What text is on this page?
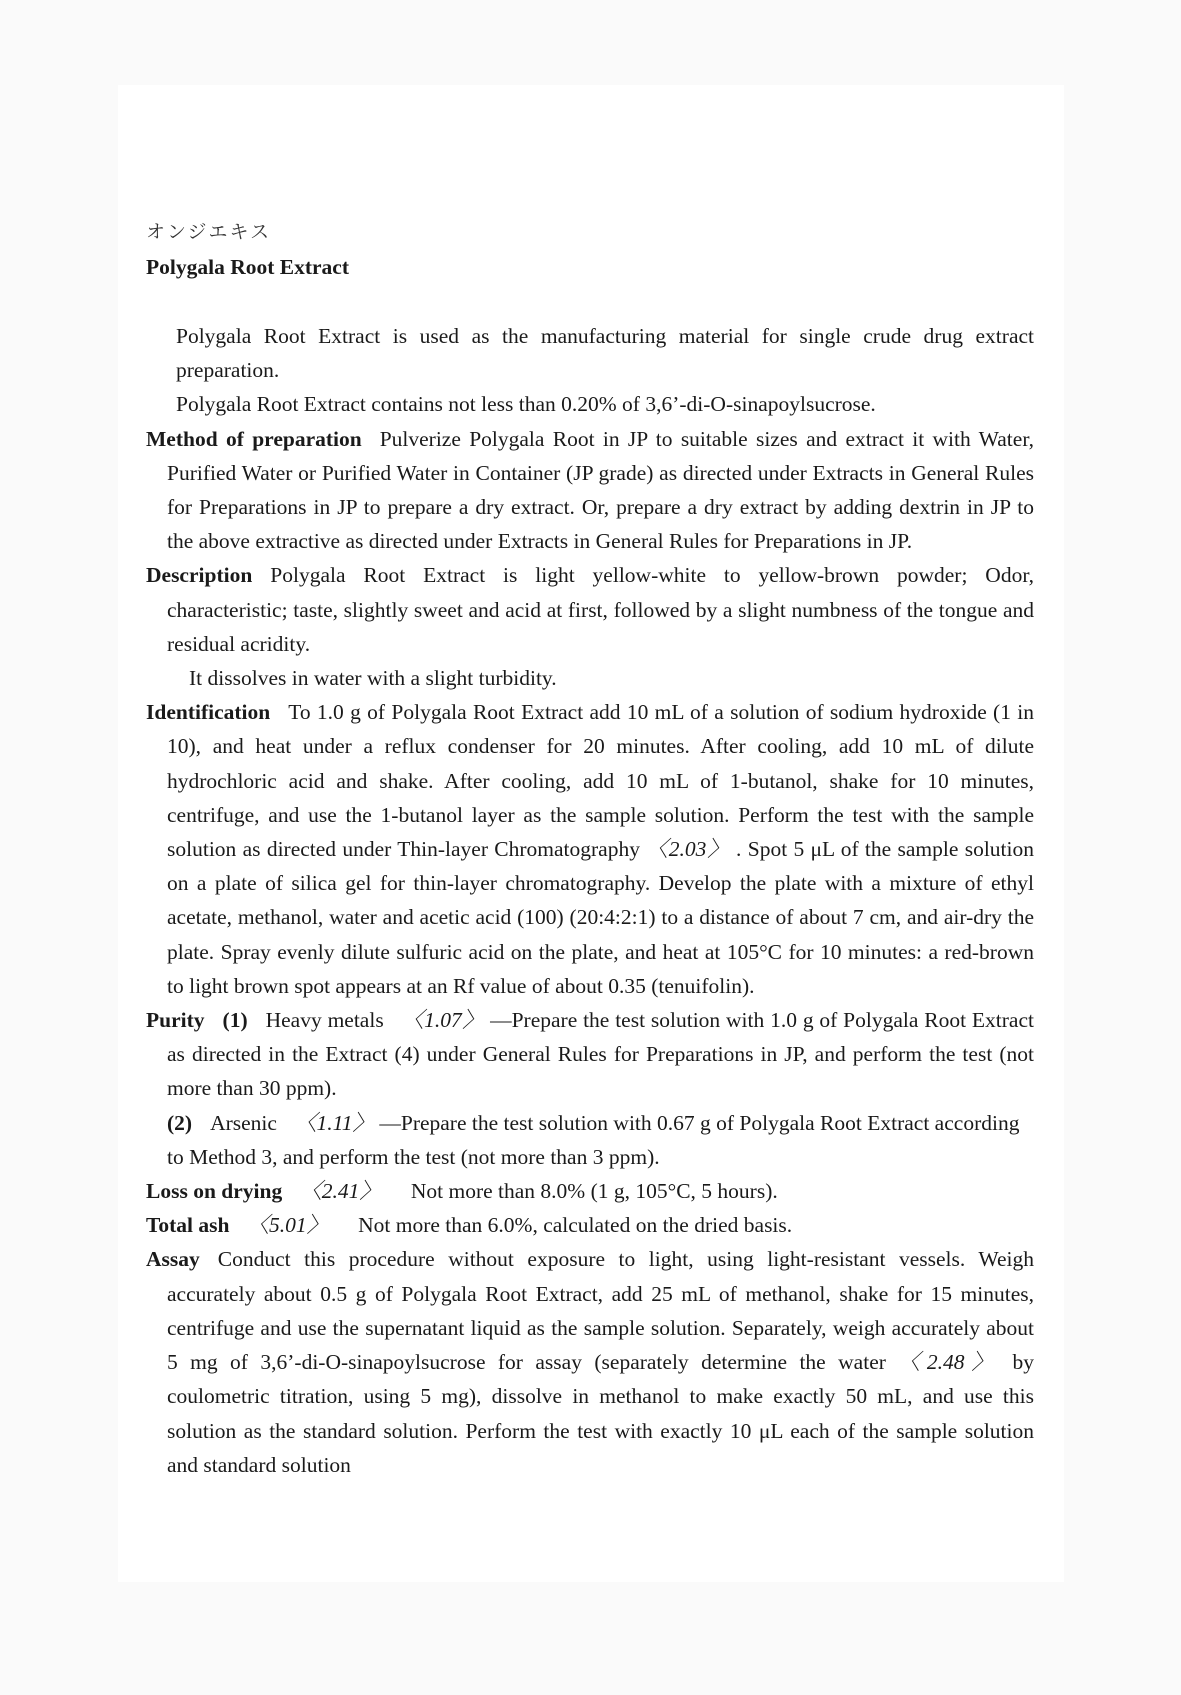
オンジエキス
Polygala Root Extract
Polygala Root Extract is used as the manufacturing material for single crude drug extract preparation.
Polygala Root Extract contains not less than 0.20% of 3,6’-di-O-sinapoylsucrose.
Method of preparation Pulverize Polygala Root in JP to suitable sizes and extract it with Water, Purified Water or Purified Water in Container (JP grade) as directed under Extracts in General Rules for Preparations in JP to prepare a dry extract. Or, prepare a dry extract by adding dextrin in JP to the above extractive as directed under Extracts in General Rules for Preparations in JP.
Description Polygala Root Extract is light yellow-white to yellow-brown powder; Odor, characteristic; taste, slightly sweet and acid at first, followed by a slight numbness of the tongue and residual acridity.
It dissolves in water with a slight turbidity.
Identification To 1.0 g of Polygala Root Extract add 10 mL of a solution of sodium hydroxide (1 in 10), and heat under a reflux condenser for 20 minutes. After cooling, add 10 mL of dilute hydrochloric acid and shake. After cooling, add 10 mL of 1-butanol, shake for 10 minutes, centrifuge, and use the 1-butanol layer as the sample solution. Perform the test with the sample solution as directed under Thin-layer Chromatography 〈2.03〉 . Spot 5 μL of the sample solution on a plate of silica gel for thin-layer chromatography. Develop the plate with a mixture of ethyl acetate, methanol, water and acetic acid (100) (20:4:2:1) to a distance of about 7 cm, and air-dry the plate. Spray evenly dilute sulfuric acid on the plate, and heat at 105°C for 10 minutes: a red-brown to light brown spot appears at an Rf value of about 0.35 (tenuifolin).
Purity (1) Heavy metals 〈1.07〉 —Prepare the test solution with 1.0 g of Polygala Root Extract as directed in the Extract (4) under General Rules for Preparations in JP, and perform the test (not more than 30 ppm).
(2) Arsenic 〈1.11〉 —Prepare the test solution with 0.67 g of Polygala Root Extract according to Method 3, and perform the test (not more than 3 ppm).
Loss on drying 〈2.41〉 Not more than 8.0% (1 g, 105°C, 5 hours).
Total ash 〈5.01〉 Not more than 6.0%, calculated on the dried basis.
Assay Conduct this procedure without exposure to light, using light-resistant vessels. Weigh accurately about 0.5 g of Polygala Root Extract, add 25 mL of methanol, shake for 15 minutes, centrifuge and use the supernatant liquid as the sample solution. Separately, weigh accurately about 5 mg of 3,6’-di-O-sinapoylsucrose for assay (separately determine the water 〈2.48〉 by coulometric titration, using 5 mg), dissolve in methanol to make exactly 50 mL, and use this solution as the standard solution. Perform the test with exactly 10 μL each of the sample solution and standard solution
